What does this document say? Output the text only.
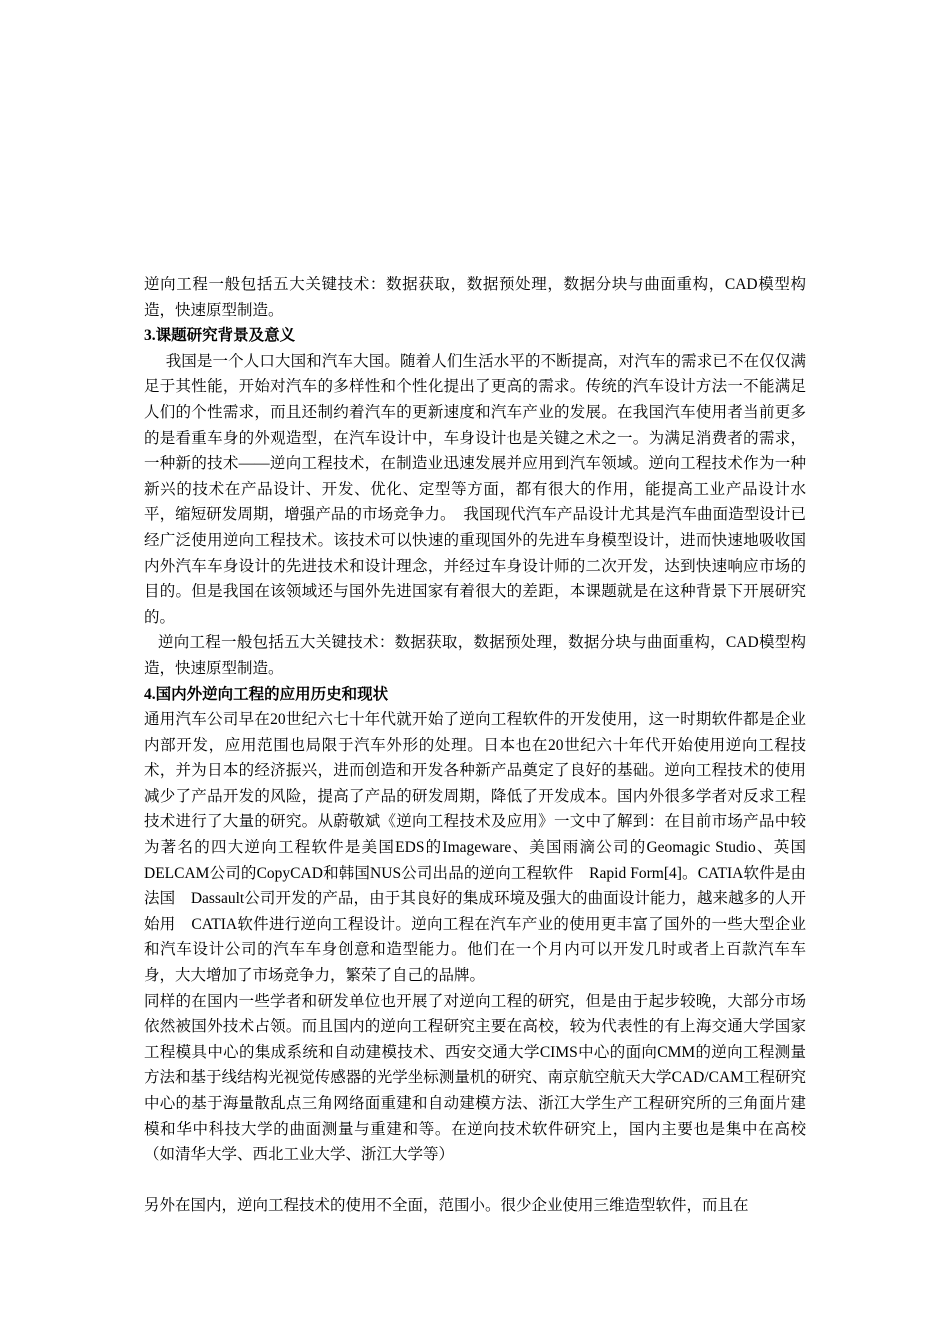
逆向工程一般包括五大关键技术：数据获取，数据预处理，数据分块与曲面重构，CAD模型构造，快速原型制造。

3.课题研究背景及意义

我国是一个人口大国和汽车大国。随着人们生活水平的不断提高，对汽车的需求已不在仅仅满足于其性能，开始对汽车的多样性和个性化提出了更高的需求。传统的汽车设计方法一不能满足人们的个性需求，而且还制约着汽车的更新速度和汽车产业的发展。在我国汽车使用者当前更多的是看重车身的外观造型，在汽车设计中，车身设计也是关键之术之一。为满足消费者的需求，一种新的技术——逆向工程技术，在制造业迅速发展并应用到汽车领域。逆向工程技术作为一种新兴的技术在产品设计、开发、优化、定型等方面，都有很大的作用，能提高工业产品设计水平，缩短研发周期，增强产品的市场竞争力。　我国现代汽车产品设计尤其是汽车曲面造型设计已经广泛使用逆向工程技术。该技术可以快速的重现国外的先进车身模型设计，进而快速地吸收国内外汽车车身设计的先进技术和设计理念，并经过车身设计师的二次开发，达到快速响应市场的目的。但是我国在该领域还与国外先进国家有着很大的差距，本课题就是在这种背景下开展研究的。

逆向工程一般包括五大关键技术：数据获取，数据预处理，数据分块与曲面重构，CAD模型构造，快速原型制造。

4.国内外逆向工程的应用历史和现状

通用汽车公司早在20世纪六七十年代就开始了逆向工程软件的开发使用，这一时期软件都是企业内部开发，应用范围也局限于汽车外形的处理。日本也在20世纪六十年代开始使用逆向工程技术，并为日本的经济振兴，进而创造和开发各种新产品奠定了良好的基础。逆向工程技术的使用减少了产品开发的风险，提高了产品的研发周期，降低了开发成本。国内外很多学者对反求工程技术进行了大量的研究。从蔚敬斌《逆向工程技术及应用》一文中了解到：在目前市场产品中较为著名的四大逆向工程软件是美国EDS的Imageware、美国雨滴公司的Geomagic Studio、英国DELCAM公司的CopyCAD和韩国NUS公司出品的逆向工程软件　Rapid Form[4]。CATIA软件是由法国　Dassault公司开发的产品，由于其良好的集成环境及强大的曲面设计能力，越来越多的人开始用　CATIA软件进行逆向工程设计。逆向工程在汽车产业的使用更丰富了国外的一些大型企业和汽车设计公司的汽车车身创意和造型能力。他们在一个月内可以开发几时或者上百款汽车车身，大大增加了市场竞争力，繁荣了自己的品牌。

同样的在国内一些学者和研发单位也开展了对逆向工程的研究，但是由于起步较晚，大部分市场依然被国外技术占领。而且国内的逆向工程研究主要在高校，较为代表性的有上海交通大学国家工程模具中心的集成系统和自动建模技术、西安交通大学CIMS中心的面向CMM的逆向工程测量方法和基于线结构光视觉传感器的光学坐标测量机的研究、南京航空航天大学CAD/CAM工程研究中心的基于海量散乱点三角网络面重建和自动建模方法、浙江大学生产工程研究所的三角面片建模和华中科技大学的曲面测量与重建和等。在逆向技术软件研究上，国内主要也是集中在高校（如清华大学、西北工业大学、浙江大学等）

另外在国内，逆向工程技术的使用不全面，范围小。很少企业使用三维造型软件，而且在
